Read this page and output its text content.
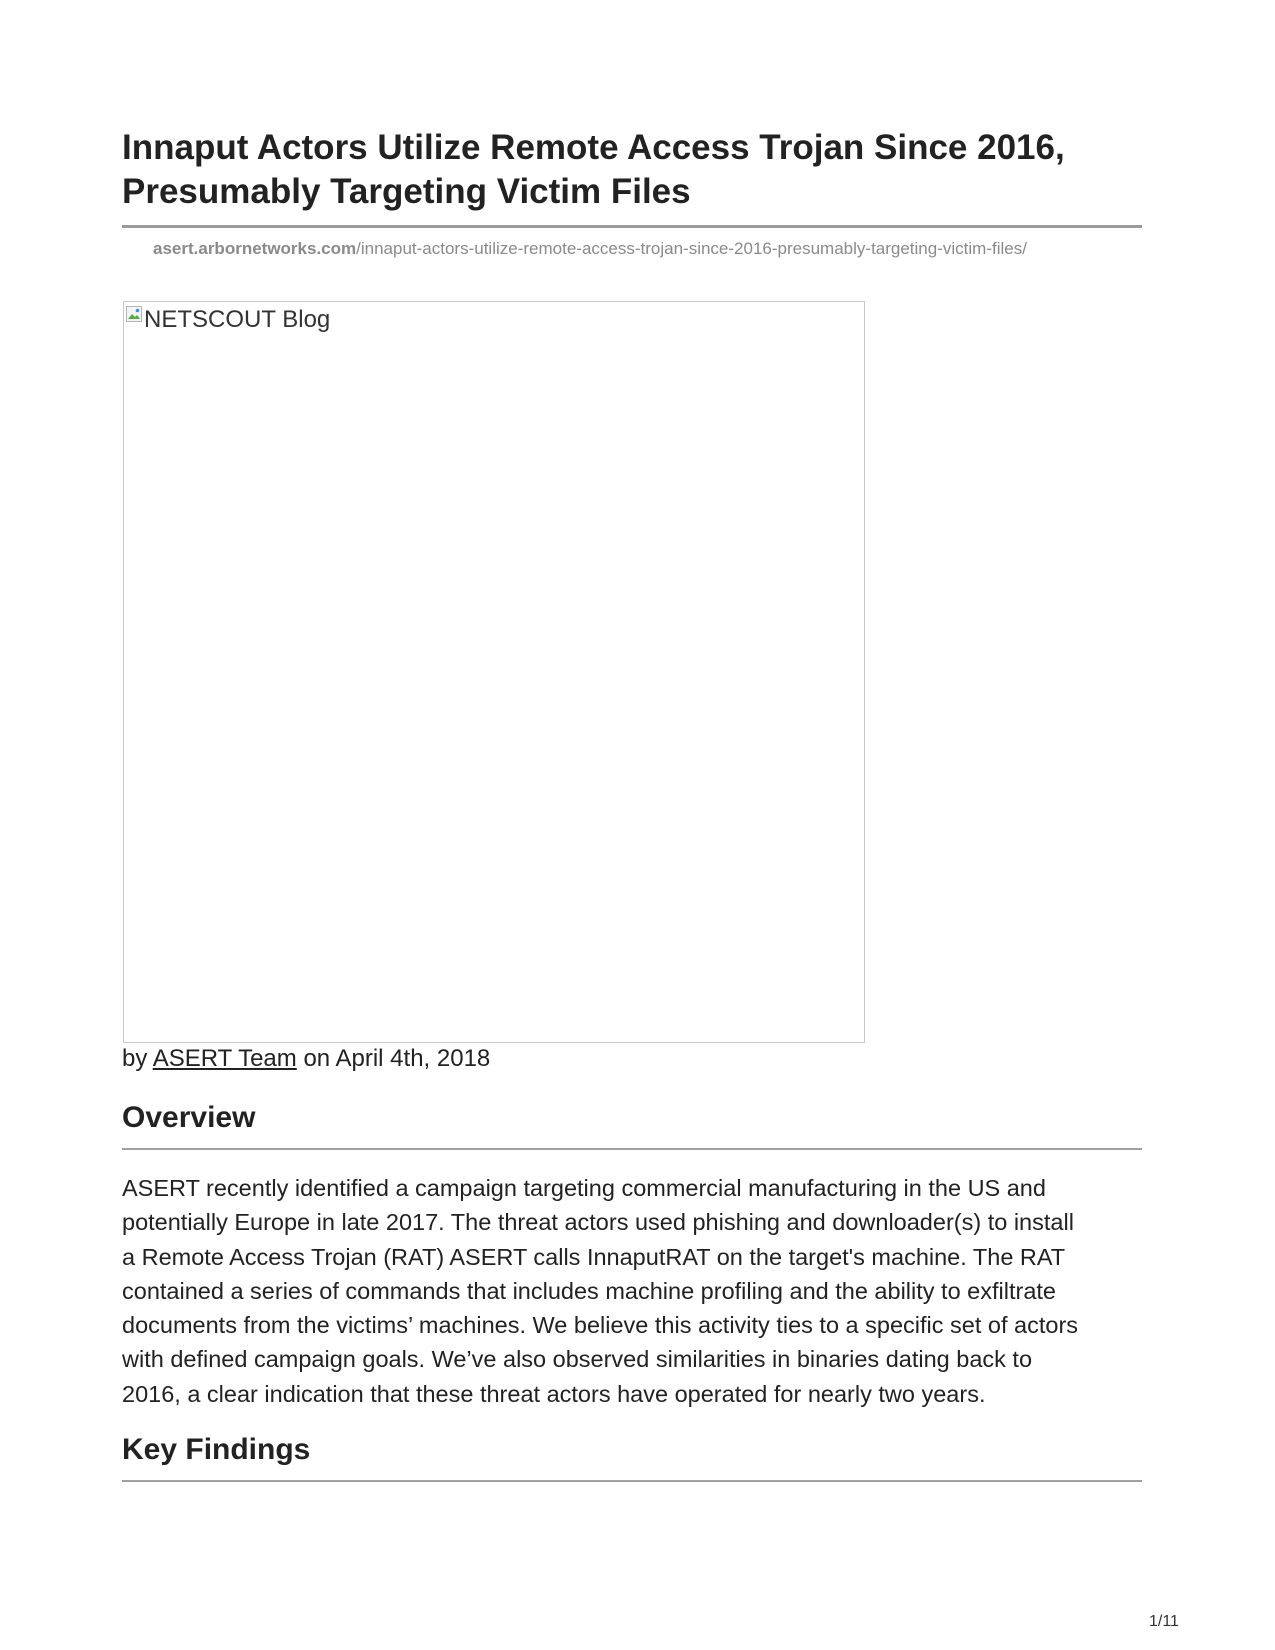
Innaput Actors Utilize Remote Access Trojan Since 2016, Presumably Targeting Victim Files
asert.arbornetworks.com/innaput-actors-utilize-remote-access-trojan-since-2016-presumably-targeting-victim-files/
NETSCOUT Blog
by ASERT Team on April 4th, 2018
Overview
ASERT recently identified a campaign targeting commercial manufacturing in the US and
potentially Europe in late 2017. The threat actors used phishing and downloader(s) to install
a Remote Access Trojan (RAT) ASERT calls InnaputRAT on the target's machine. The RAT
contained a series of commands that includes machine profiling and the ability to exfiltrate
documents from the victims’ machines. We believe this activity ties to a specific set of actors
with defined campaign goals. We’ve also observed similarities in binaries dating back to
2016, a clear indication that these threat actors have operated for nearly two years.
Key Findings
1/11
